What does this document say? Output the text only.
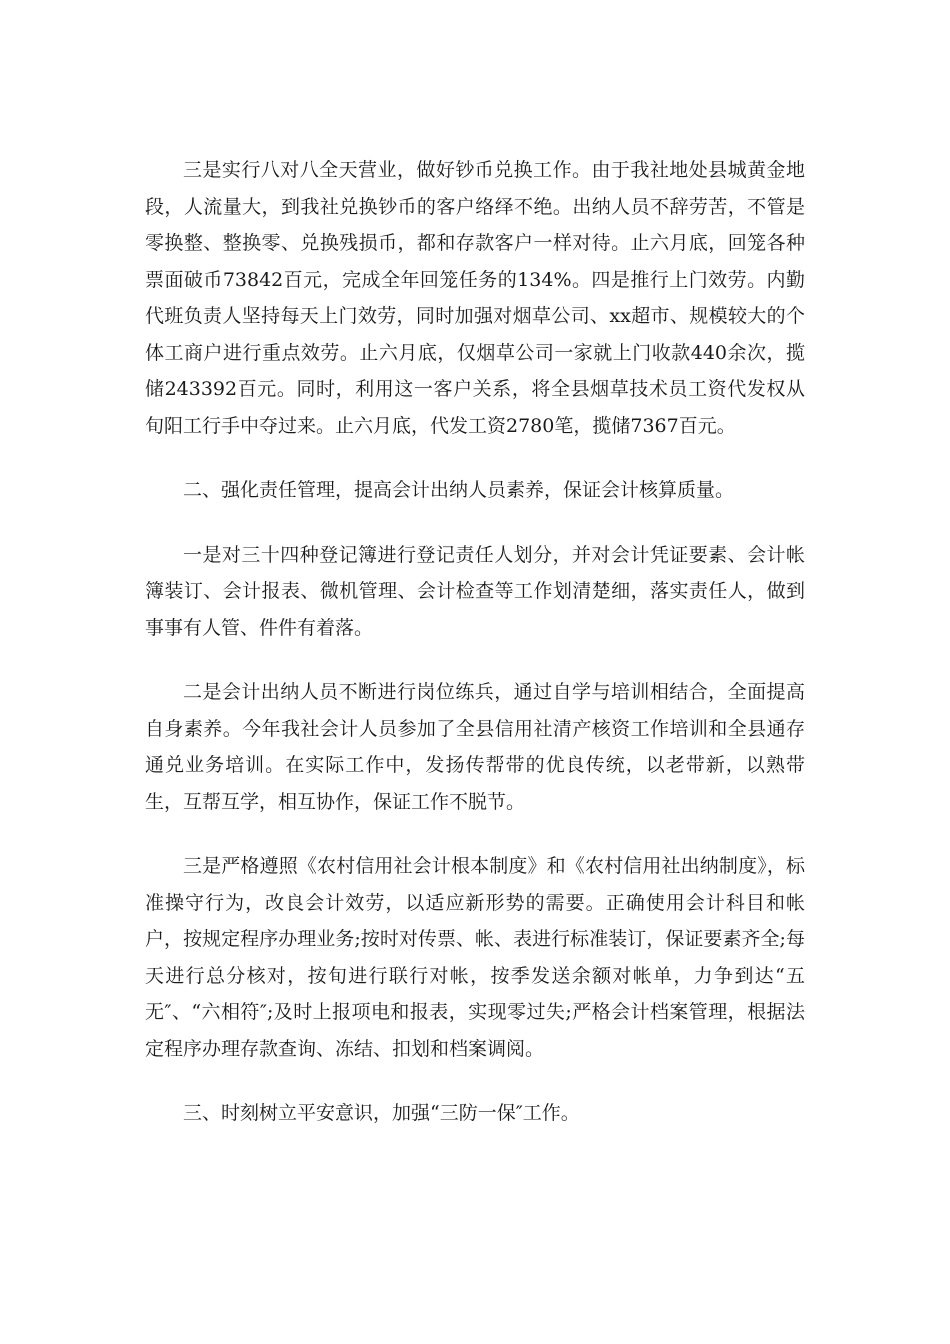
三是实行八对八全天营业，做好钞币兑换工作。由于我社地处县城黄金地段，人流量大，到我社兑换钞币的客户络绎不绝。出纳人员不辞劳苦，不管是零换整、整换零、兑换残损币，都和存款客户一样对待。止六月底，回笼各种票面破币73842百元，完成全年回笼任务的134%。四是推行上门效劳。内勤代班负责人坚持每天上门效劳，同时加强对烟草公司、xx超市、规模较大的个体工商户进行重点效劳。止六月底，仅烟草公司一家就上门收款440余次，揽储243392百元。同时，利用这一客户关系，将全县烟草技术员工资代发权从旬阳工行手中夺过来。止六月底，代发工资2780笔，揽储7367百元。

二、强化责任管理，提高会计出纳人员素养，保证会计核算质量。

一是对三十四种登记簿进行登记责任人划分，并对会计凭证要素、会计帐簿装订、会计报表、微机管理、会计检查等工作划清楚细，落实责任人，做到事事有人管、件件有着落。

二是会计出纳人员不断进行岗位练兵，通过自学与培训相结合，全面提高自身素养。今年我社会计人员参加了全县信用社清产核资工作培训和全县通存通兑业务培训。在实际工作中，发扬传帮带的优良传统，以老带新，以熟带生，互帮互学，相互协作，保证工作不脱节。

三是严格遵照《农村信用社会计根本制度》和《农村信用社出纳制度》，标准操守行为，改良会计效劳，以适应新形势的需要。正确使用会计科目和帐户，按规定程序办理业务;按时对传票、帐、表进行标准装订，保证要素齐全;每天进行总分核对，按旬进行联行对帐，按季发送余额对帐单，力争到达“五无″、“六相符″;及时上报项电和报表，实现零过失;严格会计档案管理，根据法定程序办理存款查询、冻结、扣划和档案调阅。

三、时刻树立平安意识，加强“三防一保″工作。
